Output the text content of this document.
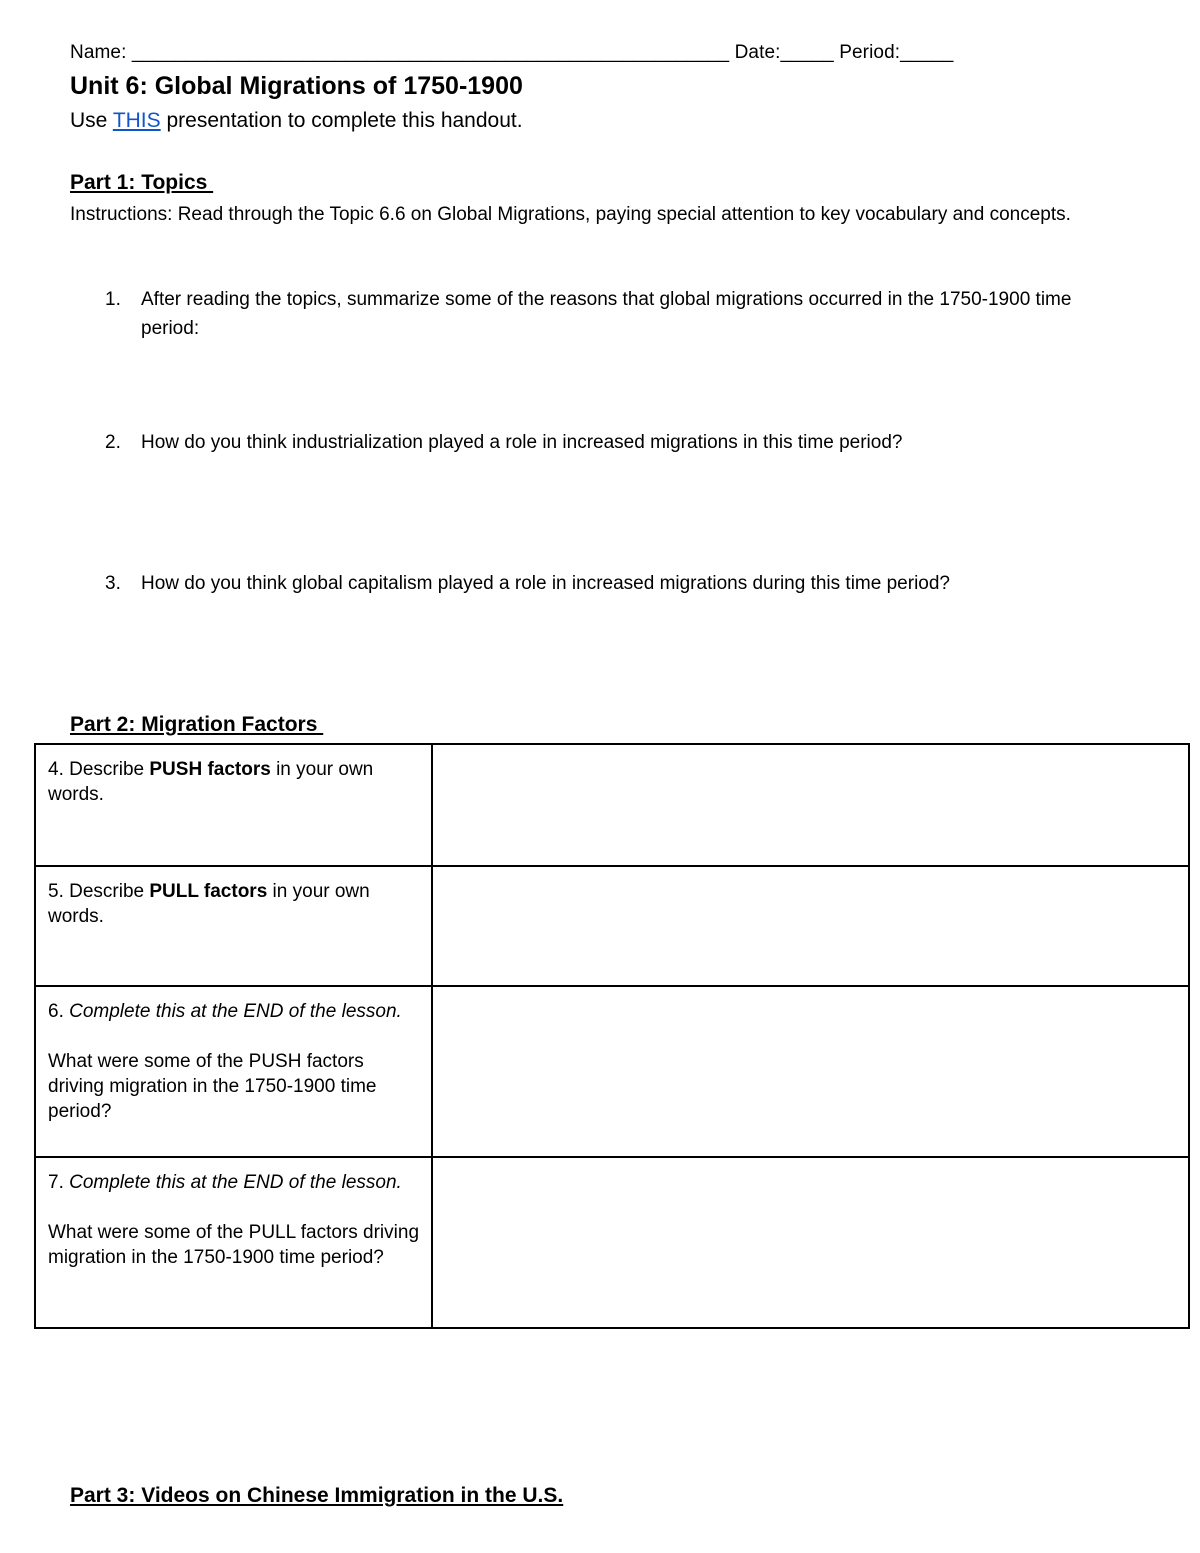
Name: ________________________________________________________ Date:_____ Period:_____
Unit 6: Global Migrations of 1750-1900
Use THIS presentation to complete this handout.
Part 1: Topics
Instructions: Read through the Topic 6.6 on Global Migrations, paying special attention to key vocabulary and concepts.
1.	After reading the topics, summarize some of the reasons that global migrations occurred in the 1750-1900 time period:
2.	How do you think industrialization played a role in increased migrations in this time period?
3.	How do you think global capitalism played a role in increased migrations during this time period?
Part 2: Migration Factors
4. Describe PUSH factors in your own words.	
5. Describe PULL factors in your own words.	

6. Complete this at the END of the lesson.
What were some of the PUSH factors driving migration in the 1750-1900 time period?	

7. Complete this at the END of the lesson.
What were some of the PULL factors driving migration in the 1750-1900 time period?	

Part 3: Videos on Chinese Immigration in the U.S.
